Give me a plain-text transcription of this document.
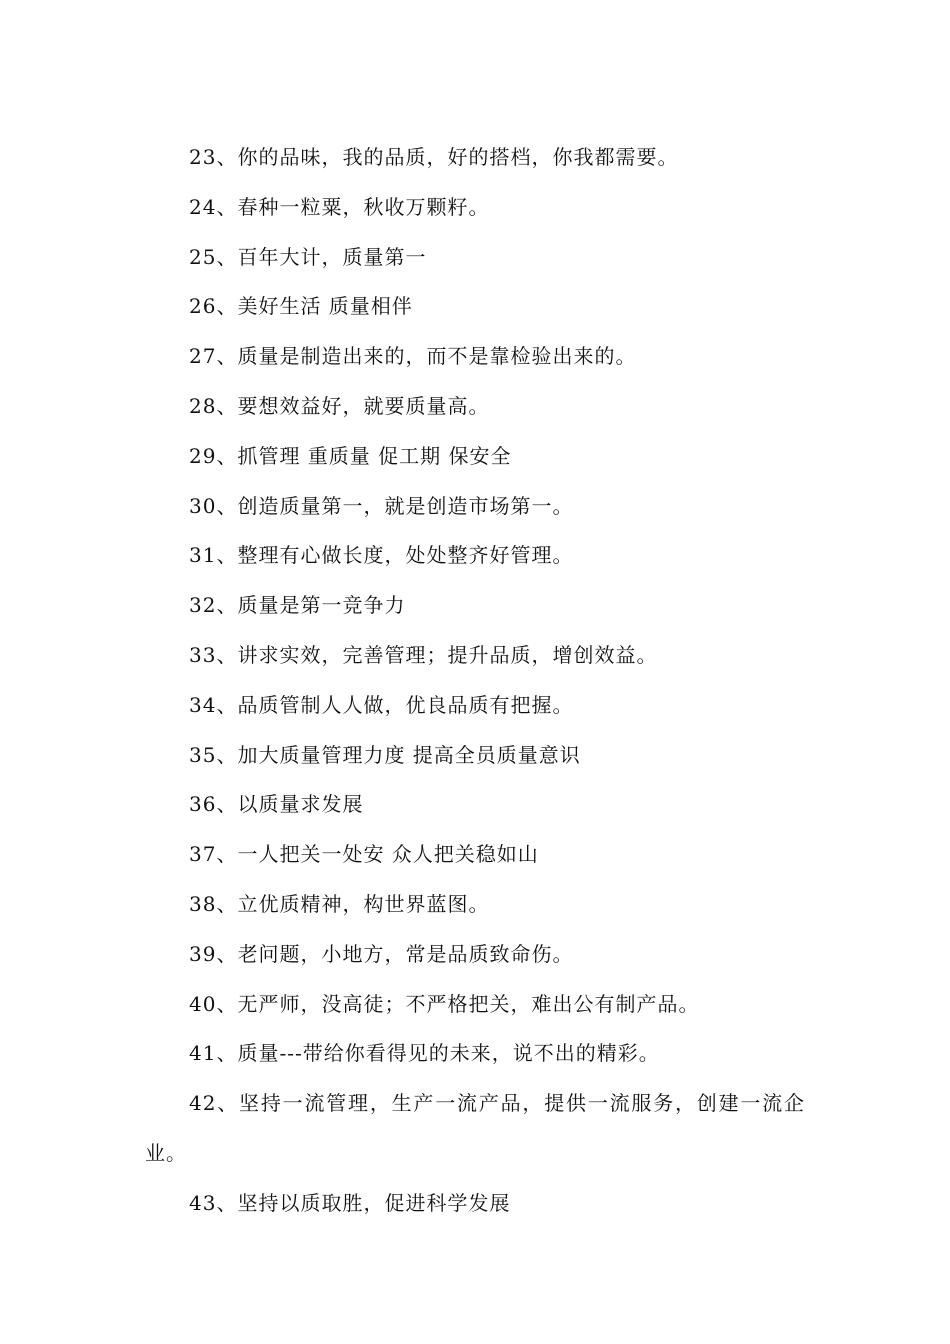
23、你的品味，我的品质，好的搭档，你我都需要。

24、春种一粒粟，秋收万颗籽。

25、百年大计，质量第一

26、美好生活 质量相伴

27、质量是制造出来的，而不是靠检验出来的。

28、要想效益好，就要质量高。

29、抓管理 重质量 促工期 保安全

30、创造质量第一，就是创造市场第一。

31、整理有心做长度，处处整齐好管理。

32、质量是第一竞争力

33、讲求实效，完善管理；提升品质，增创效益。

34、品质管制人人做，优良品质有把握。

35、加大质量管理力度 提高全员质量意识

36、以质量求发展

37、一人把关一处安 众人把关稳如山

38、立优质精神，构世界蓝图。

39、老问题，小地方，常是品质致命伤。

40、无严师，没高徒；不严格把关，难出公有制产品。

41、质量---带给你看得见的未来，说不出的精彩。

42、坚持一流管理，生产一流产品，提供一流服务，创建一流企业。

43、坚持以质取胜，促进科学发展
